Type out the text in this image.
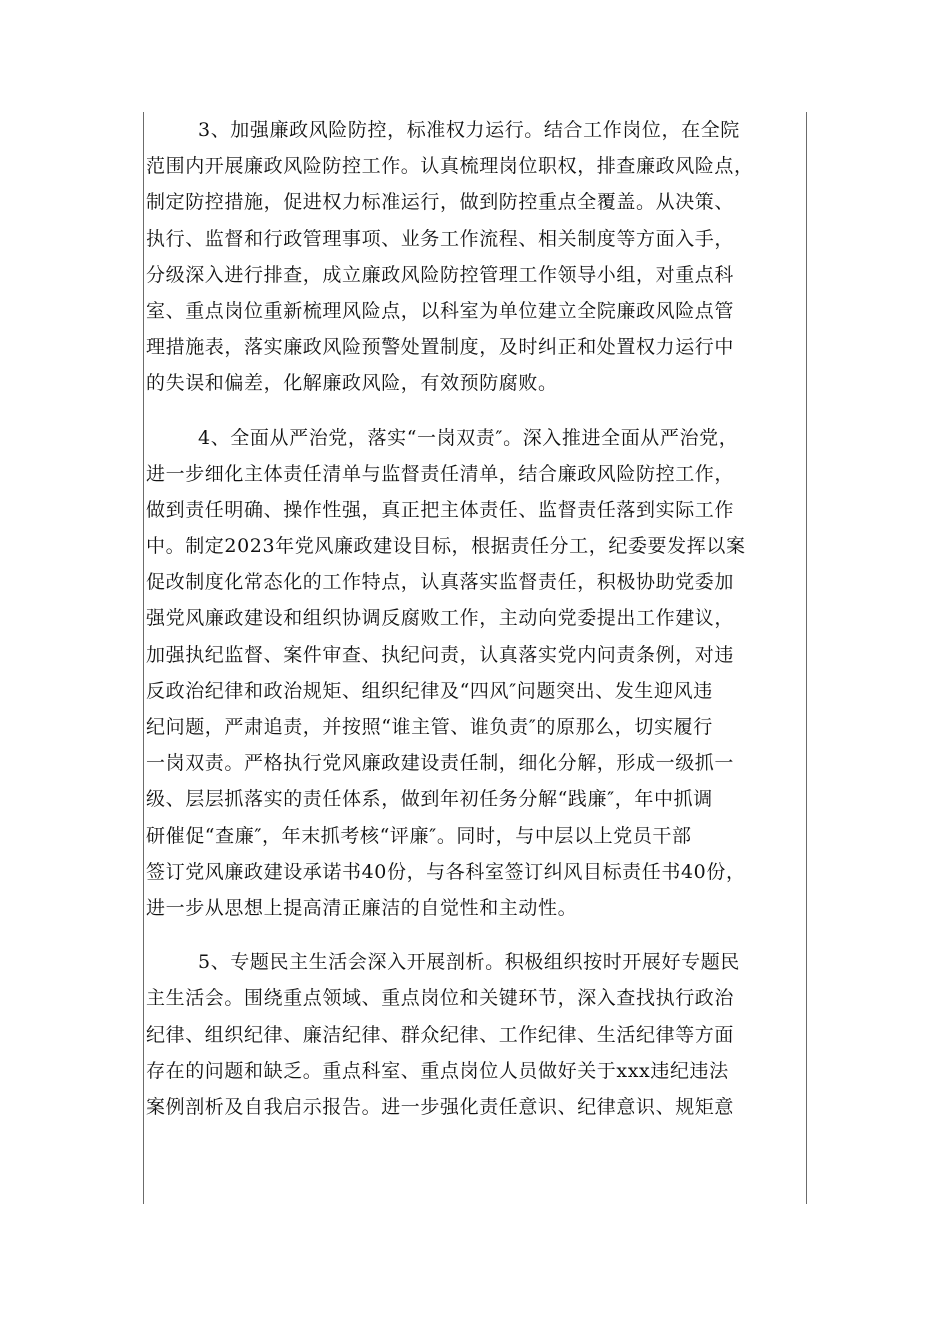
3、加强廉政风险防控，标准权力运行。结合工作岗位，在全院
范围内开展廉政风险防控工作。认真梳理岗位职权，排查廉政风险点，
制定防控措施，促进权力标准运行，做到防控重点全覆盖。从决策、
执行、监督和行政管理事项、业务工作流程、相关制度等方面入手，
分级深入进行排查，成立廉政风险防控管理工作领导小组，对重点科
室、重点岗位重新梳理风险点，以科室为单位建立全院廉政风险点管
理措施表，落实廉政风险预警处置制度，及时纠正和处置权力运行中
的失误和偏差，化解廉政风险，有效预防腐败。
4、全面从严治党，落实“一岗双责″。深入推进全面从严治党，
进一步细化主体责任清单与监督责任清单，结合廉政风险防控工作，
做到责任明确、操作性强，真正把主体责任、监督责任落到实际工作
中。制定2023年党风廉政建设目标，根据责任分工，纪委要发挥以案
促改制度化常态化的工作特点，认真落实监督责任，积极协助党委加
强党风廉政建设和组织协调反腐败工作，主动向党委提出工作建议，
加强执纪监督、案件审查、执纪问责，认真落实党内问责条例，对违
反政治纪律和政治规矩、组织纪律及“四风″问题突出、发生迎风违
纪问题，严肃追责，并按照“谁主管、谁负责″的原那么，切实履行
一岗双责。严格执行党风廉政建设责任制，细化分解，形成一级抓一
级、层层抓落实的责任体系，做到年初任务分解“践廉″，年中抓调
研催促“查廉″，年末抓考核“评廉″。同时，与中层以上党员干部
签订党风廉政建设承诺书40份，与各科室签订纠风目标责任书40份，
进一步从思想上提高清正廉洁的自觉性和主动性。
5、专题民主生活会深入开展剖析。积极组织按时开展好专题民
主生活会。围绕重点领域、重点岗位和关键环节，深入查找执行政治
纪律、组织纪律、廉洁纪律、群众纪律、工作纪律、生活纪律等方面
存在的问题和缺乏。重点科室、重点岗位人员做好关于xxx违纪违法
案例剖析及自我启示报告。进一步强化责任意识、纪律意识、规矩意
